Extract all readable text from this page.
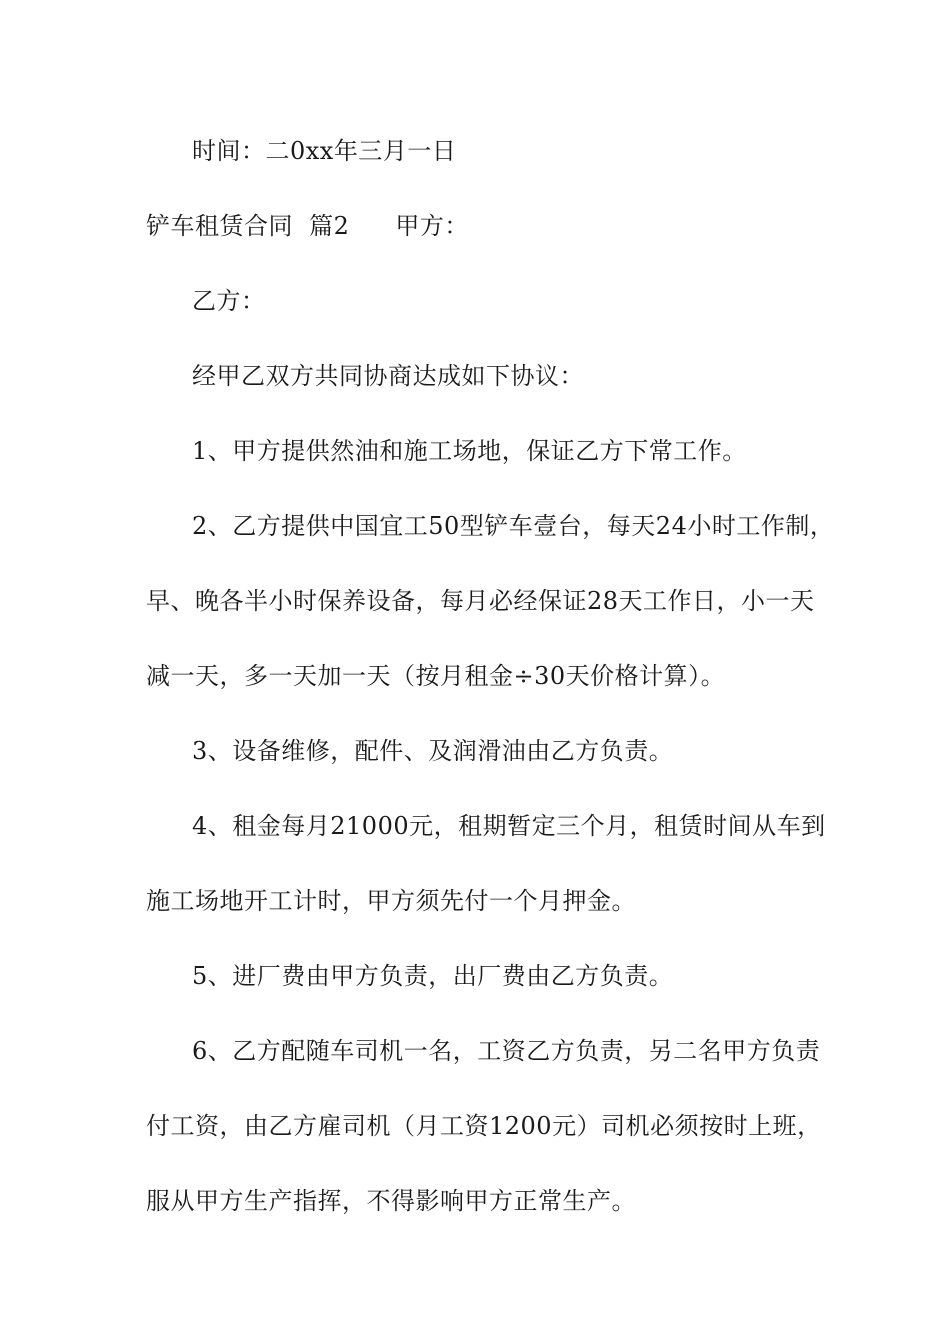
时间：二0xx年三月一日
铲车租赁合同 篇2 甲方：
乙方：
经甲乙双方共同协商达成如下协议：
1、甲方提供然油和施工场地，保证乙方下常工作。
2、乙方提供中国宜工50型铲车壹台，每天24小时工作制，
早、晚各半小时保养设备，每月必经保证28天工作日，小一天
减一天，多一天加一天（按月租金÷30天价格计算）。
3、设备维修，配件、及润滑油由乙方负责。
4、租金每月21000元，租期暂定三个月，租赁时间从车到
施工场地开工计时，甲方须先付一个月押金。
5、进厂费由甲方负责，出厂费由乙方负责。
6、乙方配随车司机一名，工资乙方负责，另二名甲方负责
付工资，由乙方雇司机（月工资1200元）司机必须按时上班，
服从甲方生产指挥，不得影响甲方正常生产。
